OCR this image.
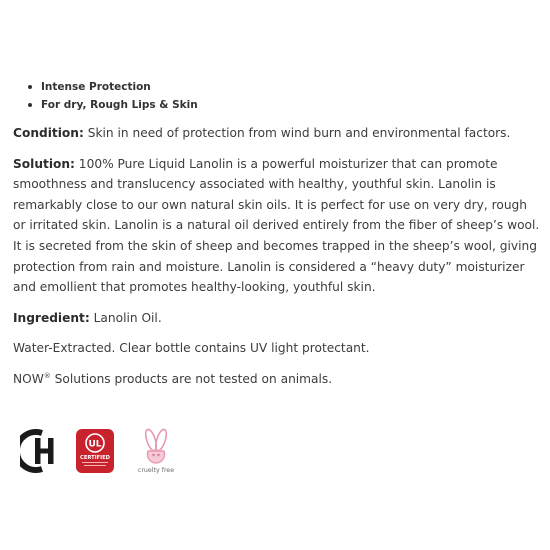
Intense Protection
For dry, Rough Lips & Skin

Condition: Skin in need of protection from wind burn and environmental factors.

Solution: 100% Pure Liquid Lanolin is a powerful moisturizer that can promote smoothness and translucency associated with healthy, youthful skin. Lanolin is remarkably close to our own natural skin oils. It is perfect for use on very dry, rough or irritated skin. Lanolin is a natural oil derived entirely from the fiber of sheep’s wool. It is secreted from the skin of sheep and becomes trapped in the sheep’s wool, giving protection from rain and moisture. Lanolin is considered a “heavy duty” moisturizer and emollient that promotes healthy-looking, youthful skin.

Ingredient: Lanolin Oil.

Water-Extracted. Clear bottle contains UV light protectant.

NOW® Solutions products are not tested on animals.

UL
CERTIFIED
cruelty free
